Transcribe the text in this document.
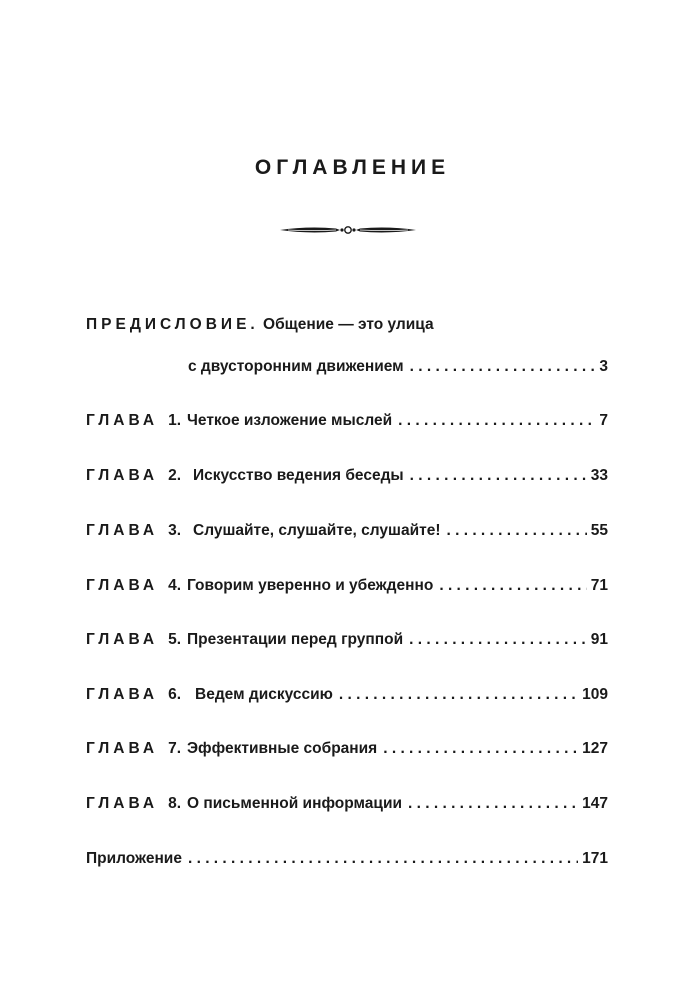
ОГЛАВЛЕНИЕ
ПРЕДИСЛОВИЕ. Общение — это улица
с двусторонним движением . . .	3
ГЛАВА 1. Четкое изложение мыслей . . .	7
ГЛАВА 2. Искусство ведения беседы . . .	33
ГЛАВА 3. Слушайте, слушайте, слушайте! . . .	55
ГЛАВА 4. Говорим уверенно и убежденно . . .	71
ГЛАВА 5. Презентации перед группой . . .	91
ГЛАВА 6. Ведем дискуссию . . .	109
ГЛАВА 7. Эффективные собрания . . .	127
ГЛАВА 8. О письменной информации . . .	147
Приложение . . .	171
